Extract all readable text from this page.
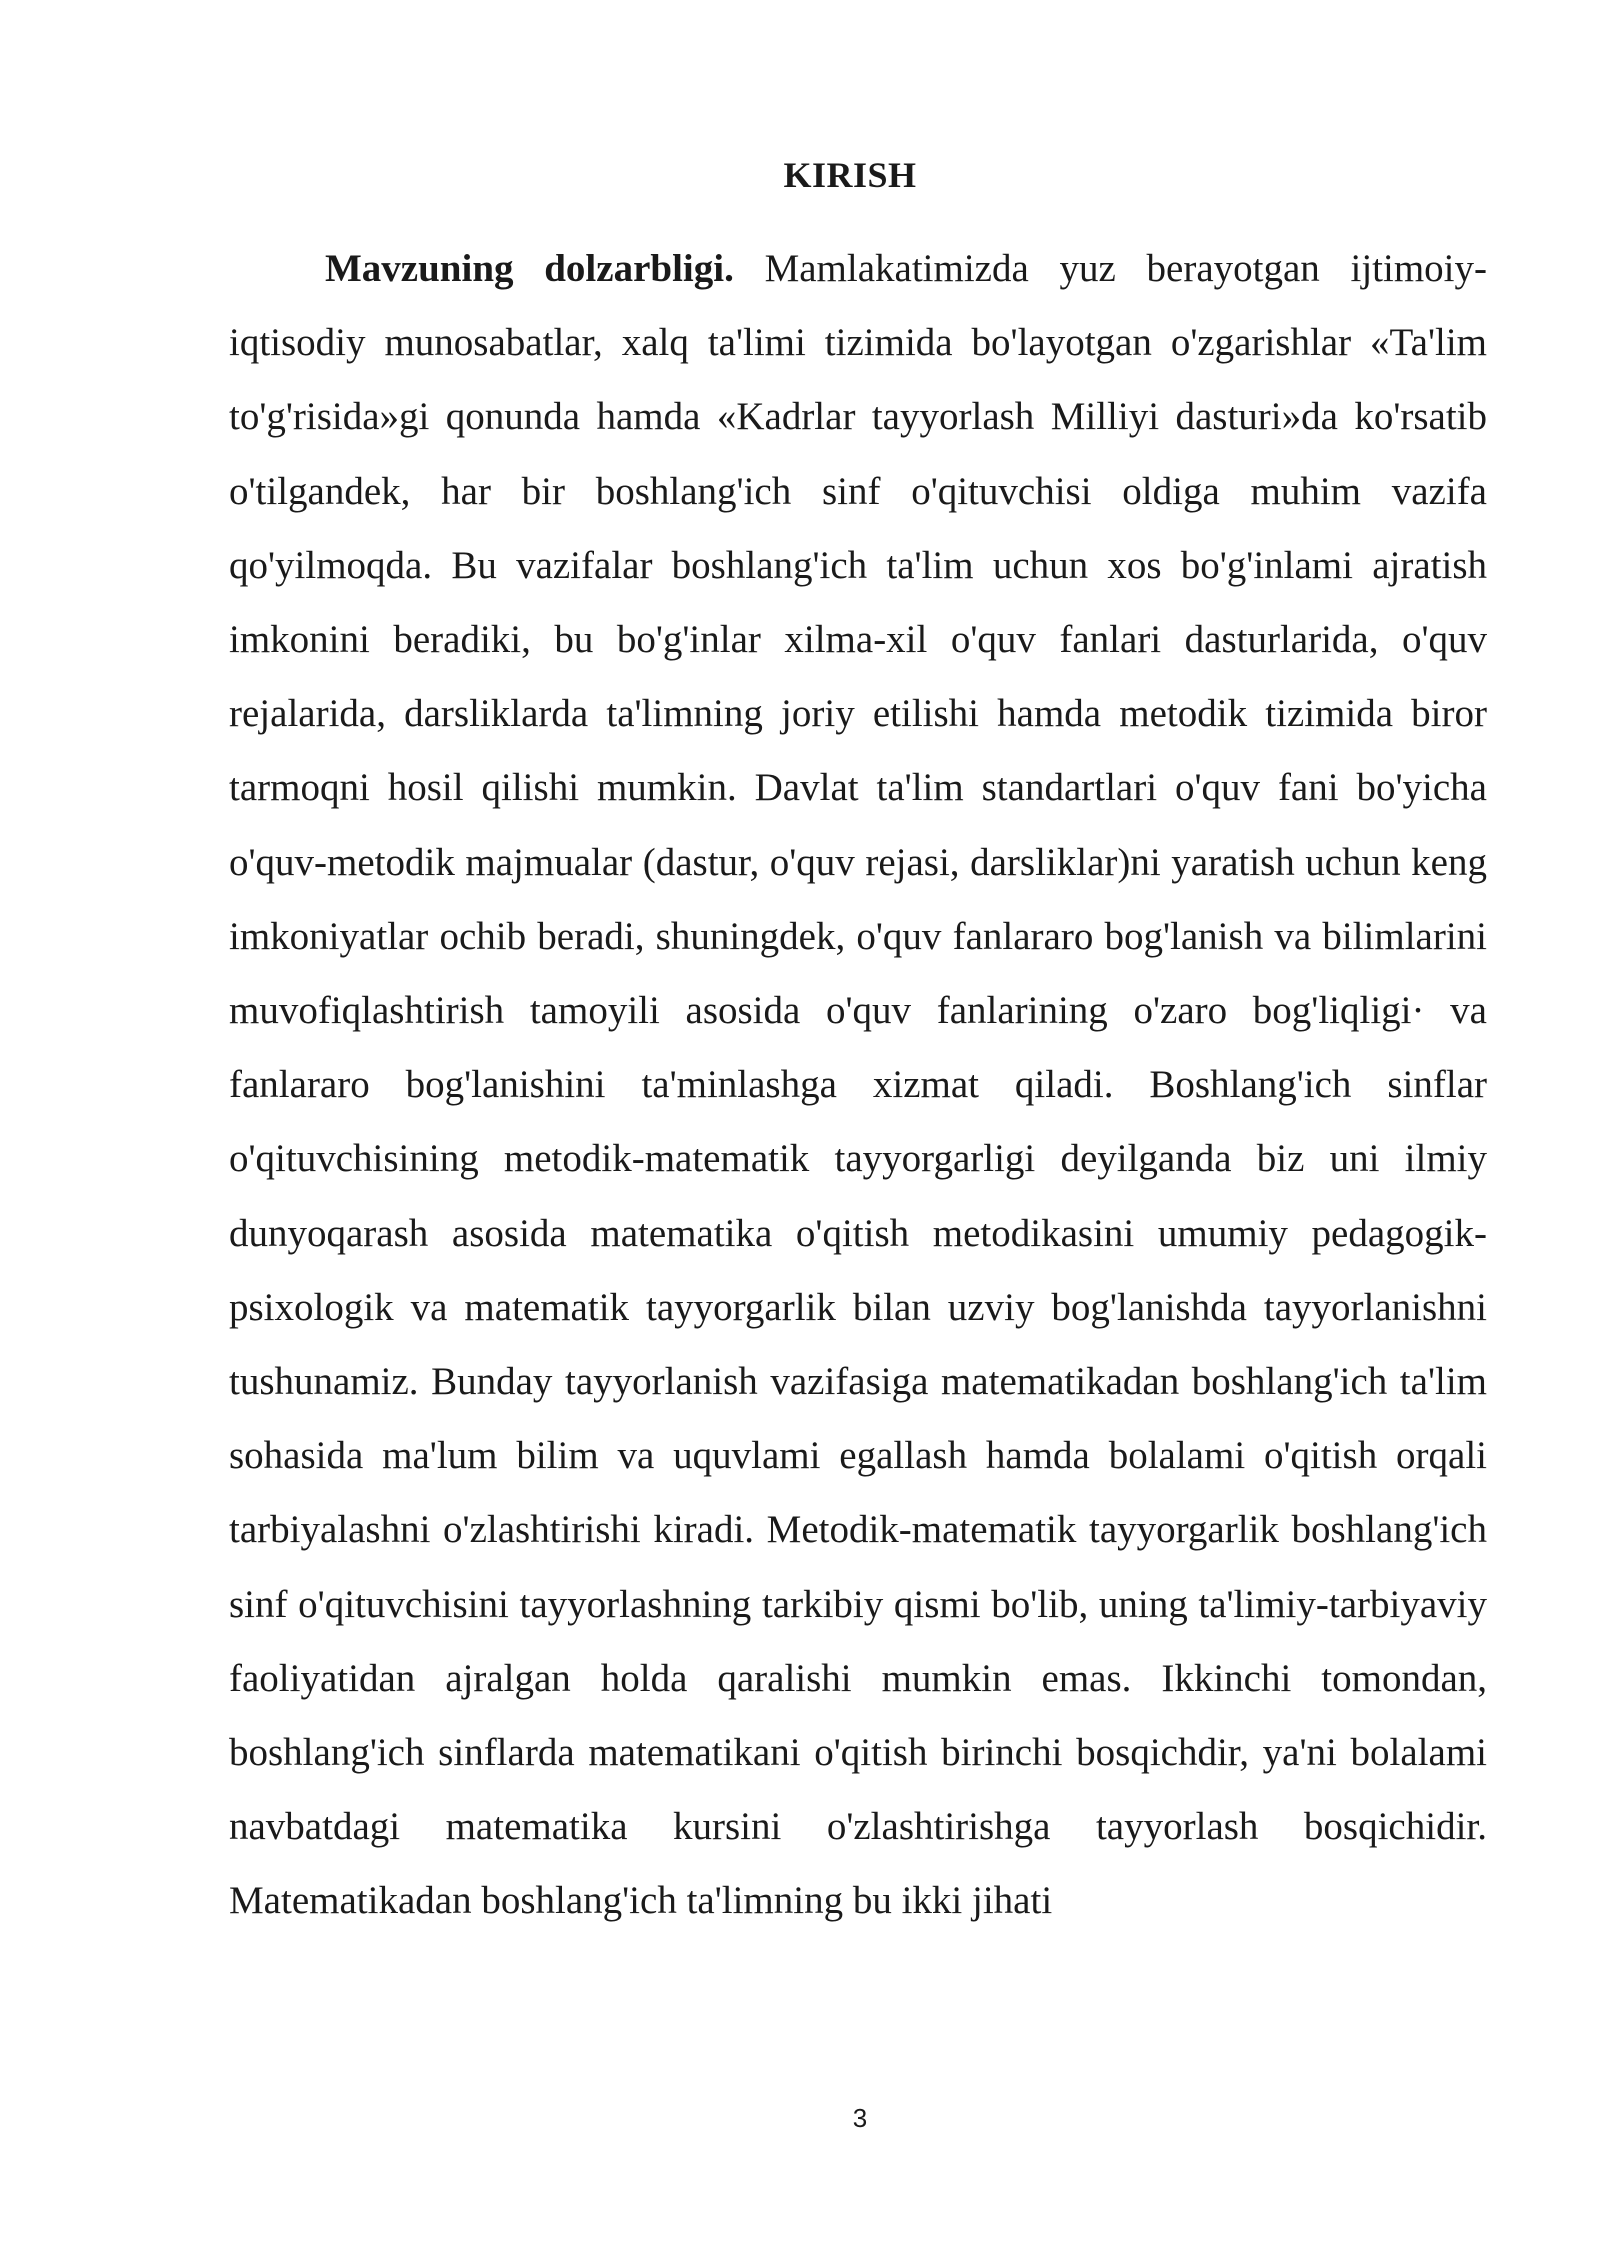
KIRISH

Mavzuning dolzarbligi. Mamlakatimizda yuz berayotgan ijtimoiy-iqtisodiy munosabatlar, xalq ta'limi tizimida bo'layotgan o'zgarishlar «Ta'lim to'g'risida»gi qonunda hamda «Kadrlar tayyorlash Milliyi dasturi»da ko'rsatib o'tilgandek, har bir boshlang'ich sinf o'qituvchisi oldiga muhim vazifa qo'yilmoqda. Bu vazifalar boshlang'ich ta'lim uchun xos bo'g'inlami ajratish imkonini beradiki, bu bo'g'inlar xilma-xil o'quv fanlari dasturlarida, o'quv rejalarida, darsliklarda ta'limning joriy etilishi hamda metodik tizimida biror tarmoqni hosil qilishi mumkin. Davlat ta'lim standartlari o'quv fani bo'yicha o'quv-metodik majmualar (dastur, o'quv rejasi, darsliklar)ni yaratish uchun keng imkoniyatlar ochib beradi, shuningdek, o'quv fanlararo bog'lanish va bilimlarini muvofiqlashtirish tamoyili asosida o'quv fanlarining o'zaro bog'liqligi· va fanlararo bog'lanishini ta'minlashga xizmat qiladi. Boshlang'ich sinflar o'qituvchisining metodik-matematik tayyorgarligi deyilganda biz uni ilmiy dunyoqarash asosida matematika o'qitish metodikasini umumiy pedagogik-psixologik va matematik tayyorgarlik bilan uzviy bog'lanishda tayyorlanishni tushunamiz. Bunday tayyorlanish vazifasiga matematikadan boshlang'ich ta'lim sohasida ma'lum bilim va uquvlami egallash hamda bolalami o'qitish orqali tarbiyalashni o'zlashtirishi kiradi. Metodik-matematik tayyorgarlik boshlang'ich sinf o'qituvchisini tayyorlashning tarkibiy qismi bo'lib, uning ta'limiy-tarbiyaviy faoliyatidan ajralgan holda qaralishi mumkin emas. Ikkinchi tomondan, boshlang'ich sinflarda matematikani o'qitish birinchi bosqichdir, ya'ni bolalami navbatdagi matematika kursini o'zlashtirishga tayyorlash bosqichidir. Matematikadan boshlang'ich ta'limning bu ikki jihati

3
